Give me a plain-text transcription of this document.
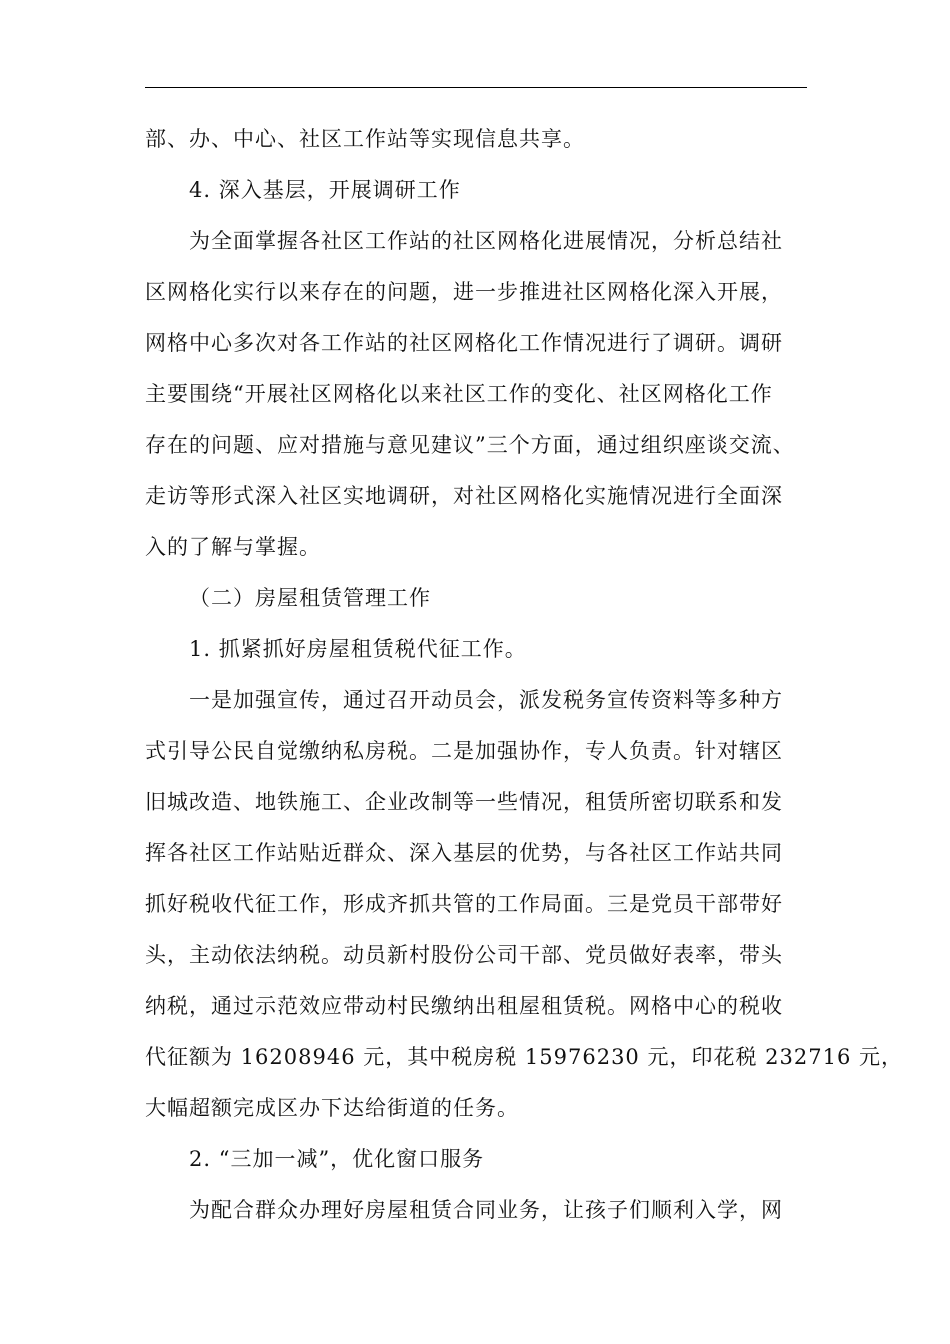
部、办、中心、社区工作站等实现信息共享。
4. 深入基层，开展调研工作
为全面掌握各社区工作站的社区网格化进展情况，分析总结社
区网格化实行以来存在的问题，进一步推进社区网格化深入开展，
网格中心多次对各工作站的社区网格化工作情况进行了调研。调研
主要围绕“开展社区网格化以来社区工作的变化、社区网格化工作
存在的问题、应对措施与意见建议”三个方面，通过组织座谈交流、
走访等形式深入社区实地调研，对社区网格化实施情况进行全面深
入的了解与掌握。
（二）房屋租赁管理工作
1. 抓紧抓好房屋租赁税代征工作。
一是加强宣传，通过召开动员会，派发税务宣传资料等多种方
式引导公民自觉缴纳私房税。二是加强协作，专人负责。针对辖区
旧城改造、地铁施工、企业改制等一些情况，租赁所密切联系和发
挥各社区工作站贴近群众、深入基层的优势，与各社区工作站共同
抓好税收代征工作，形成齐抓共管的工作局面。三是党员干部带好
头，主动依法纳税。动员新村股份公司干部、党员做好表率，带头
纳税，通过示范效应带动村民缴纳出租屋租赁税。网格中心的税收
代征额为 16208946 元，其中税房税 15976230 元，印花税 232716 元，
大幅超额完成区办下达给街道的任务。
2. “三加一减”，优化窗口服务
为配合群众办理好房屋租赁合同业务，让孩子们顺利入学，网
